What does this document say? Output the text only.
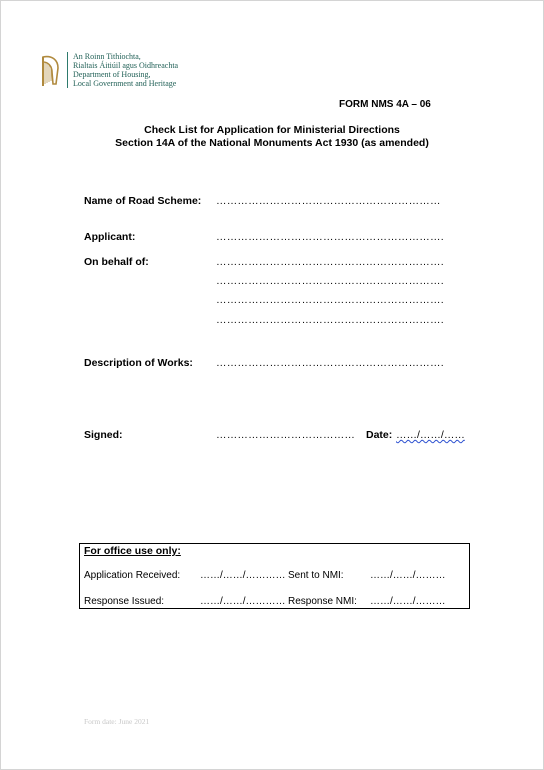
An Roinn Tithíochta,
Rialtais Áitiúil agus Oidhreachta
Department of Housing,
Local Government and Heritage
FORM NMS 4A – 06
Check List for Application for Ministerial Directions
Section 14A of the National Monuments Act 1930 (as amended)
Name of Road Scheme: ………………………………………………………
Applicant:	……………………………………………………….
On behalf of:	……………………………………………………….
……………………………………………………….
……………………………………………………….
……………………………………………………….
Description of Works: ……………………………………………………….
Signed:	…………………………………	Date: ……/……/……
For office use only:
Application Received: ……/……/………… Sent to NMI:	……/……/………
Response Issued:	……/……/………… Response NMI: ……/……/………
Form date: June 2021
